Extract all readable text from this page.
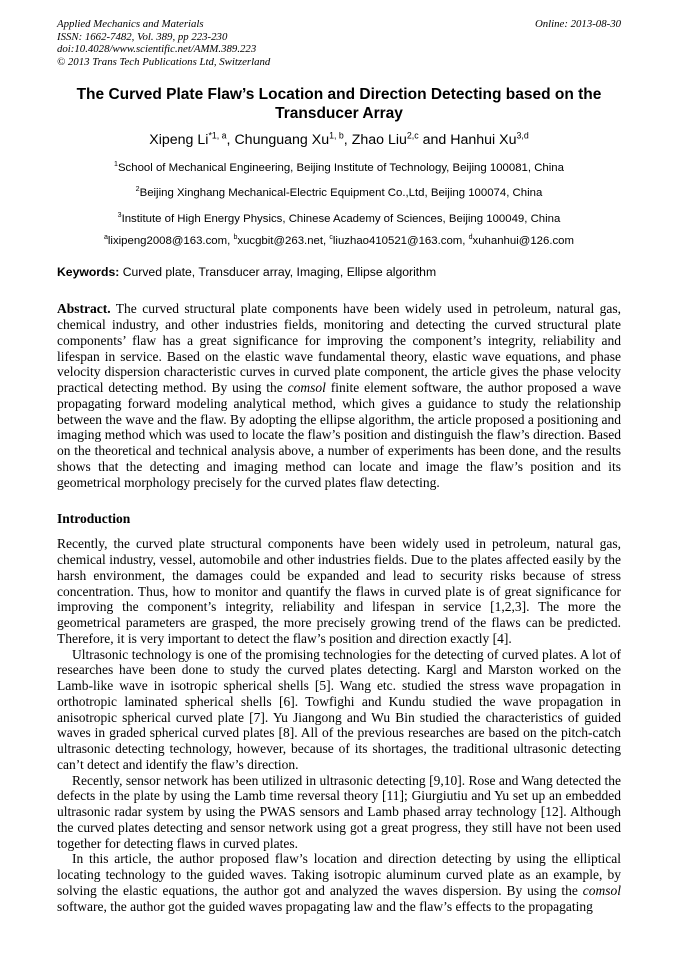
Applied Mechanics and Materials
ISSN: 1662-7482, Vol. 389, pp 223-230
doi:10.4028/www.scientific.net/AMM.389.223
© 2013 Trans Tech Publications Ltd, Switzerland
Online: 2013-08-30
The Curved Plate Flaw’s Location and Direction Detecting based on the Transducer Array
Xipeng Li$^{*1, a}$, Chunguang Xu$^{1, b}$, Zhao Liu$^{2,c}$ and Hanhui Xu$^{3,d}$
$^1$School of Mechanical Engineering, Beijing Institute of Technology, Beijing 100081, China
$^2$Beijing Xinghang Mechanical-Electric Equipment Co.,Ltd, Beijing 100074, China
$^3$Institute of High Energy Physics, Chinese Academy of Sciences, Beijing 100049, China
$^a$lixipeng2008@163.com, $^b$xucgbit@263.net, $^c$liuzhao410521@163.com, $^d$xuhanhui@126.com
Keywords: Curved plate, Transducer array, Imaging, Ellipse algorithm

Abstract. The curved structural plate components have been widely used in petroleum, natural gas, chemical industry, and other industries fields, monitoring and detecting the curved structural plate components’ flaw has a great significance for improving the component’s integrity, reliability and lifespan in service. Based on the elastic wave fundamental theory, elastic wave equations, and phase velocity dispersion characteristic curves in curved plate component, the article gives the phase velocity practical detecting method. By using the comsol finite element software, the author proposed a wave propagating forward modeling analytical method, which gives a guidance to study the relationship between the wave and the flaw. By adopting the ellipse algorithm, the article proposed a positioning and imaging method which was used to locate the flaw’s position and distinguish the flaw’s direction. Based on the theoretical and technical analysis above, a number of experiments has been done, and the results shows that the detecting and imaging method can locate and image the flaw’s position and its geometrical morphology precisely for the curved plates flaw detecting.

Introduction

Recently, the curved plate structural components have been widely used in petroleum, natural gas, chemical industry, vessel, automobile and other industries fields. Due to the plates affected easily by the harsh environment, the damages could be expanded and lead to security risks because of stress concentration. Thus, how to monitor and quantify the flaws in curved plate is of great significance for improving the component’s integrity, reliability and lifespan in service [1,2,3]. The more the geometrical parameters are grasped, the more precisely growing trend of the flaws can be predicted. Therefore, it is very important to detect the flaw’s position and direction exactly [4].

Ultrasonic technology is one of the promising technologies for the detecting of curved plates. A lot of researches have been done to study the curved plates detecting. Kargl and Marston worked on the Lamb-like wave in isotropic spherical shells [5]. Wang etc. studied the stress wave propagation in orthotropic laminated spherical shells [6]. Towfighi and Kundu studied the wave propagation in anisotropic spherical curved plate [7]. Yu Jiangong and Wu Bin studied the characteristics of guided waves in graded spherical curved plates [8]. All of the previous researches are based on the pitch-catch ultrasonic detecting technology, however, because of its shortages, the traditional ultrasonic detecting can’t detect and identify the flaw’s direction.

Recently, sensor network has been utilized in ultrasonic detecting [9,10]. Rose and Wang detected the defects in the plate by using the Lamb time reversal theory [11]; Giurgiutiu and Yu set up an embedded ultrasonic radar system by using the PWAS sensors and Lamb phased array technology [12]. Although the curved plates detecting and sensor network using got a great progress, they still have not been used together for detecting flaws in curved plates.

In this article, the author proposed flaw’s location and direction detecting by using the elliptical locating technology to the guided waves. Taking isotropic aluminum curved plate as an example, by solving the elastic equations, the author got and analyzed the waves dispersion. By using the comsol software, the author got the guided waves propagating law and the flaw’s effects to the propagating
